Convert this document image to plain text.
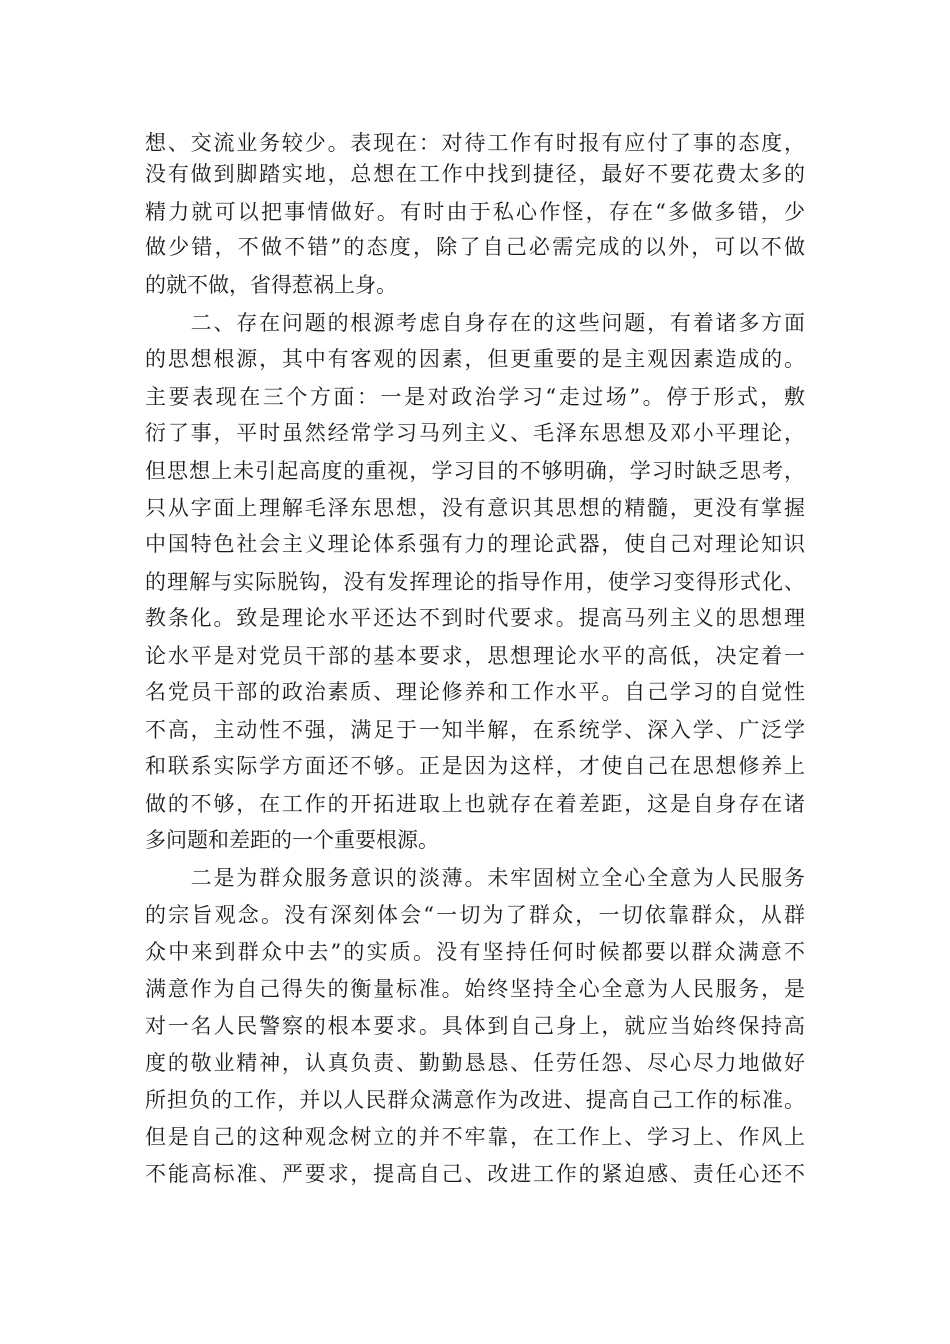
想、交流业务较少。表现在：对待工作有时报有应付了事的态度，
没有做到脚踏实地，总想在工作中找到捷径，最好不要花费太多的
精力就可以把事情做好。有时由于私心作怪，存在“多做多错，少
做少错，不做不错”的态度，除了自己必需完成的以外，可以不做
的就不做，省得惹祸上身。
　　二、存在问题的根源考虑自身存在的这些问题，有着诸多方面
的思想根源，其中有客观的因素，但更重要的是主观因素造成的。
主要表现在三个方面：一是对政治学习“走过场”。停于形式，敷
衍了事，平时虽然经常学习马列主义、毛泽东思想及邓小平理论，
但思想上未引起高度的重视，学习目的不够明确，学习时缺乏思考，
只从字面上理解毛泽东思想，没有意识其思想的精髓，更没有掌握
中国特色社会主义理论体系强有力的理论武器，使自己对理论知识
的理解与实际脱钩，没有发挥理论的指导作用，使学习变得形式化、
教条化。致是理论水平还达不到时代要求。提高马列主义的思想理
论水平是对党员干部的基本要求，思想理论水平的高低，决定着一
名党员干部的政治素质、理论修养和工作水平。自己学习的自觉性
不高，主动性不强，满足于一知半解，在系统学、深入学、广泛学
和联系实际学方面还不够。正是因为这样，才使自己在思想修养上
做的不够，在工作的开拓进取上也就存在着差距，这是自身存在诸
多问题和差距的一个重要根源。
　　二是为群众服务意识的淡薄。未牢固树立全心全意为人民服务
的宗旨观念。没有深刻体会“一切为了群众，一切依靠群众，从群
众中来到群众中去”的实质。没有坚持任何时候都要以群众满意不
满意作为自己得失的衡量标准。始终坚持全心全意为人民服务，是
对一名人民警察的根本要求。具体到自己身上，就应当始终保持高
度的敬业精神，认真负责、勤勤恳恳、任劳任怨、尽心尽力地做好
所担负的工作，并以人民群众满意作为改进、提高自己工作的标准。
但是自己的这种观念树立的并不牢靠，在工作上、学习上、作风上
不能高标准、严要求，提高自己、改进工作的紧迫感、责任心还不
